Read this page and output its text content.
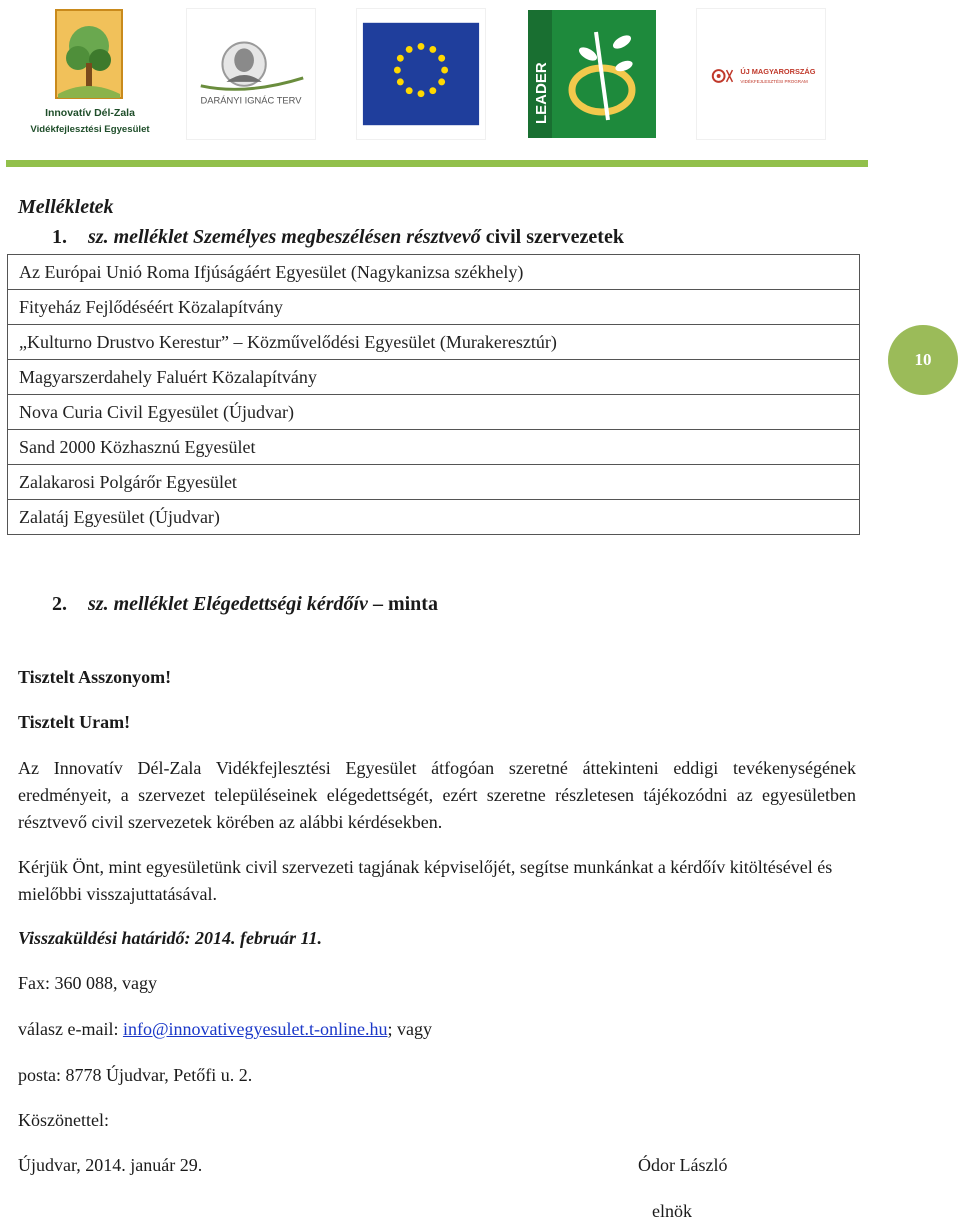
Innovatív Dél-Zala
Vidékfejlesztési Egyesület
DARÁNYI IGNÁC TERV	LEADER	ÚJ MAGYARORSZÁG
VIDÉKFEJLESZTÉSI PROGRAM
10
Mellékletek
1. sz. melléklet Személyes megbeszélésen résztvevő civil szervezetek
Az Európai Unió Roma Ifjúságáért Egyesület (Nagykanizsa székhely)
Fityeház Fejlődéséért Közalapítvány
„Kulturno Drustvo Kerestur” – Közművelődési Egyesület (Murakeresztúr)
Magyarszerdahely Faluért Közalapítvány
Nova Curia Civil Egyesület (Újudvar)
Sand 2000 Közhasznú Egyesület
Zalakarosi Polgárőr Egyesület
Zalatáj Egyesület (Újudvar)
2. sz. melléklet Elégedettségi kérdőív – minta
Tisztelt Asszonyom!
Tisztelt Uram!
Az Innovatív Dél-Zala Vidékfejlesztési Egyesület átfogóan szeretné áttekinteni eddigi tevékenységének eredményeit, a szervezet településeinek elégedettségét, ezért szeretne részletesen tájékozódni az egyesületben résztvevő civil szervezetek körében az alábbi kérdésekben.
Kérjük Önt, mint egyesületünk civil szervezeti tagjának képviselőjét, segítse munkánkat a kérdőív kitöltésével és mielőbbi visszajuttatásával.
Visszaküldési határidő: 2014. február 11.
Fax: 360 088, vagy
válasz e-mail: info@innovativegyesulet.t-online.hu; vagy
posta: 8778 Újudvar, Petőfi u. 2.
Köszönettel:
Újudvar, 2014. január 29.	Ódor László
elnök
